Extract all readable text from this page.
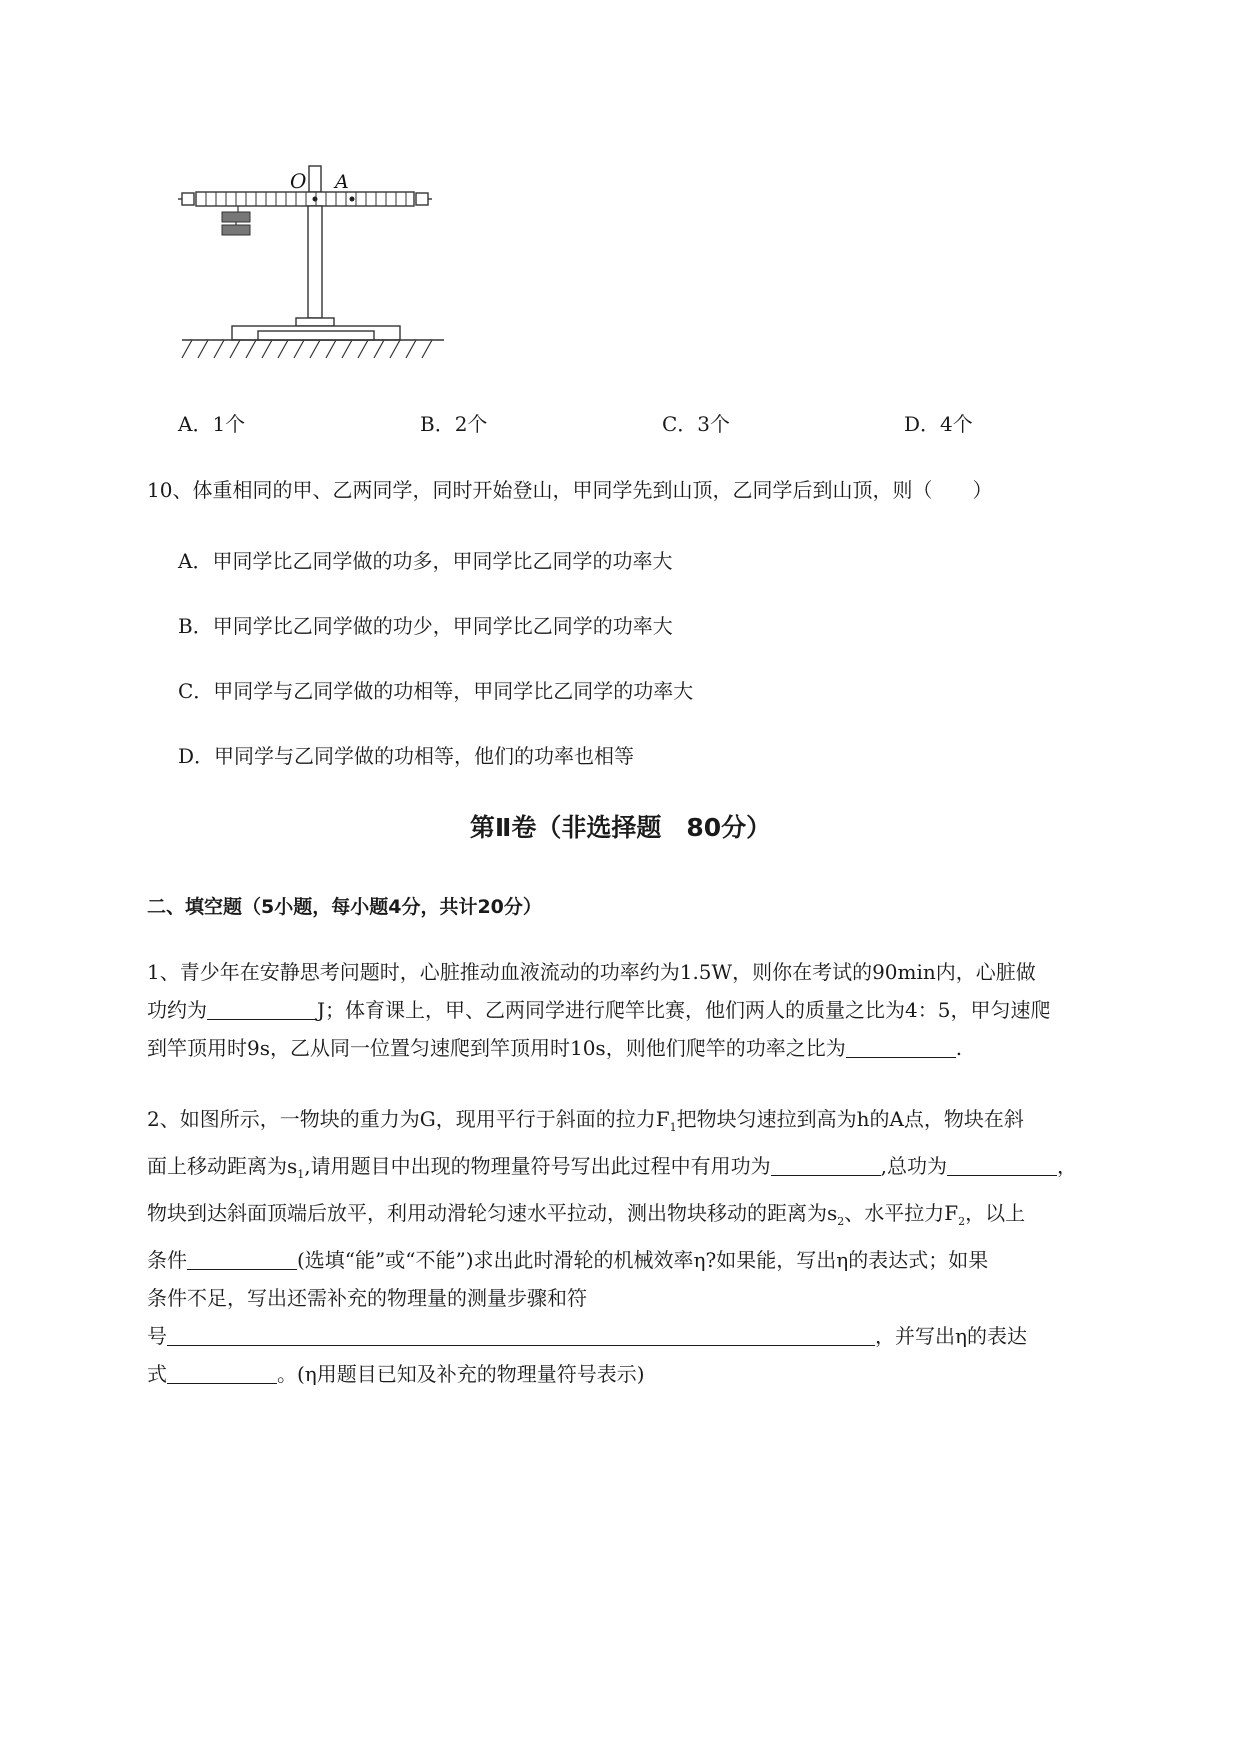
O A
A．1个	B．2个	C．3个	D．4个
10、体重相同的甲、乙两同学，同时开始登山，甲同学先到山顶，乙同学后到山顶，则（　　）
A．甲同学比乙同学做的功多，甲同学比乙同学的功率大
B．甲同学比乙同学做的功少，甲同学比乙同学的功率大
C．甲同学与乙同学做的功相等，甲同学比乙同学的功率大
D．甲同学与乙同学做的功相等，他们的功率也相等
第Ⅱ卷（非选择题　80分）
二、填空题（5小题，每小题4分，共计20分）
1、青少年在安静思考问题时，心脏推动血液流动的功率约为1.5W，则你在考试的90min内，心脏做
功约为	J；体育课上，甲、乙两同学进行爬竿比赛，他们两人的质量之比为4：5，甲匀速爬
到竿顶用时9s，乙从同一位置匀速爬到竿顶用时10s，则他们爬竿的功率之比为	.
2、如图所示，一物块的重力为G，现用平行于斜面的拉力$F_1$把物块匀速拉到高为h的A点，物块在斜
面上移动距离为$s_1$,请用题目中出现的物理量符号写出此过程中有用功为	,总功为	，
物块到达斜面顶端后放平，利用动滑轮匀速水平拉动，测出物块移动的距离为$s_2$、水平拉力$F_2$，以上
条件	(选填“能”或“不能”)求出此时滑轮的机械效率η?如果能，写出η的表达式；如果
条件不足，写出还需补充的物理量的测量步骤和符
号	，并写出η的表达
式	。(η用题目已知及补充的物理量符号表示)
